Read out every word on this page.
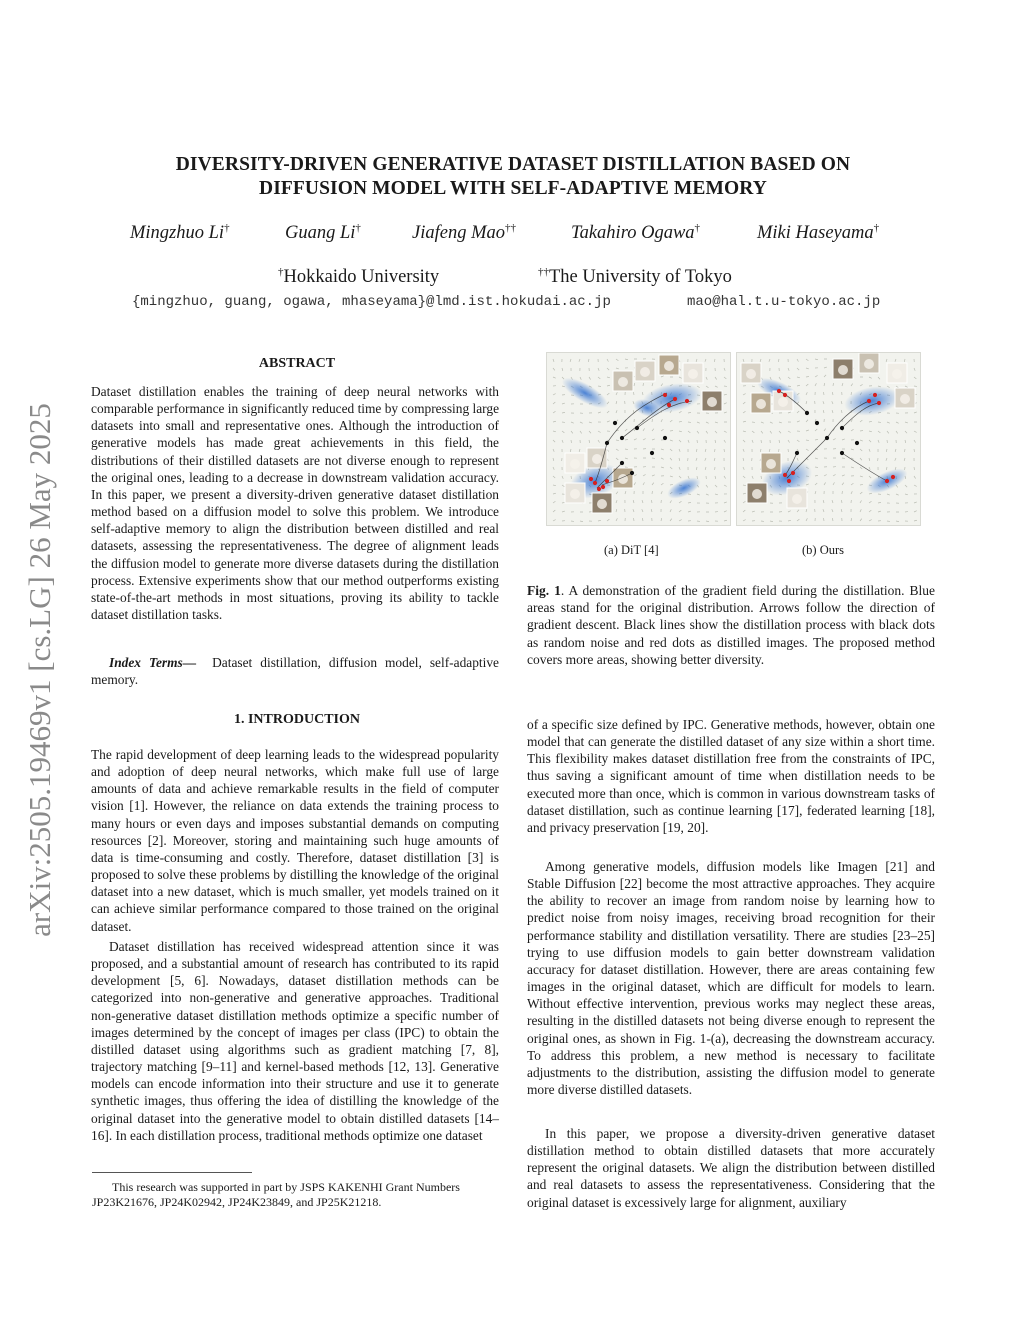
arXiv:2505.19469v1 [cs.LG] 26 May 2025
DIVERSITY-DRIVEN GENERATIVE DATASET DISTILLATION BASED ON
DIFFUSION MODEL WITH SELF-ADAPTIVE MEMORY
Mingzhuo Li†	Guang Li†	Jiafeng Mao††	Takahiro Ogawa†	Miki Haseyama†
†Hokkaido University	††The University of Tokyo
{mingzhuo, guang, ogawa, mhaseyama}@lmd.ist.hokudai.ac.jp	mao@hal.t.u-tokyo.ac.jp
ABSTRACT

Dataset distillation enables the training of deep neural networks with comparable performance in significantly reduced time by compressing large datasets into small and representative ones. Although the introduction of generative models has made great achievements in this field, the distributions of their distilled datasets are not diverse enough to represent the original ones, leading to a decrease in downstream validation accuracy. In this paper, we present a diversity-driven generative dataset distillation method based on a diffusion model to solve this problem. We introduce self-adaptive memory to align the distribution between distilled and real datasets, assessing the representativeness. The degree of alignment leads the diffusion model to generate more diverse datasets during the distillation process. Extensive experiments show that our method outperforms existing state-of-the-art methods in most situations, proving its ability to tackle dataset distillation tasks.

Index Terms— Dataset distillation, diffusion model, self-adaptive memory.

1. INTRODUCTION

The rapid development of deep learning leads to the widespread popularity and adoption of deep neural networks, which make full use of large amounts of data and achieve remarkable results in the field of computer vision [1]. However, the reliance on data extends the training process to many hours or even days and imposes substantial demands on computing resources [2]. Moreover, storing and maintaining such huge amounts of data is time-consuming and costly. Therefore, dataset distillation [3] is proposed to solve these problems by distilling the knowledge of the original dataset into a new dataset, which is much smaller, yet models trained on it can achieve similar performance compared to those trained on the original dataset.

Dataset distillation has received widespread attention since it was proposed, and a substantial amount of research has contributed to its rapid development [5, 6]. Nowadays, dataset distillation methods can be categorized into non-generative and generative approaches. Traditional non-generative dataset distillation methods optimize a specific number of images determined by the concept of images per class (IPC) to obtain the distilled dataset using algorithms such as gradient matching [7, 8], trajectory matching [9–11] and kernel-based methods [12, 13]. Generative models can encode information into their structure and use it to generate synthetic images, thus offering the idea of distilling the knowledge of the original dataset into the generative model to obtain distilled datasets [14–16]. In each distillation process, traditional methods optimize one dataset

This research was supported in part by JSPS KAKENHI Grant Numbers JP23K21676, JP24K02942, JP24K23849, and JP25K21218.
(a) DiT [4]	(b) Ours

Fig. 1. A demonstration of the gradient field during the distillation. Blue areas stand for the original distribution. Arrows follow the direction of gradient descent. Black lines show the distillation process with black dots as random noise and red dots as distilled images. The proposed method covers more areas, showing better diversity.

of a specific size defined by IPC. Generative methods, however, obtain one model that can generate the distilled dataset of any size within a short time. This flexibility makes dataset distillation free from the constraints of IPC, thus saving a significant amount of time when distillation needs to be executed more than once, which is common in various downstream tasks of dataset distillation, such as continue learning [17], federated learning [18], and privacy preservation [19, 20].

Among generative models, diffusion models like Imagen [21] and Stable Diffusion [22] become the most attractive approaches. They acquire the ability to recover an image from random noise by learning how to predict noise from noisy images, receiving broad recognition for their performance stability and distillation versatility. There are studies [23–25] trying to use diffusion models to gain better downstream validation accuracy for dataset distillation. However, there are areas containing few images in the original dataset, which are difficult for models to learn. Without effective intervention, previous works may neglect these areas, resulting in the distilled datasets not being diverse enough to represent the original ones, as shown in Fig. 1-(a), decreasing the downstream accuracy. To address this problem, a new method is necessary to facilitate adjustments to the distribution, assisting the diffusion model to generate more diverse distilled datasets.

In this paper, we propose a diversity-driven generative dataset distillation method to obtain distilled datasets that more accurately represent the original datasets. We align the distribution between distilled and real datasets to assess the representativeness. Considering that the original dataset is excessively large for alignment, auxiliary
